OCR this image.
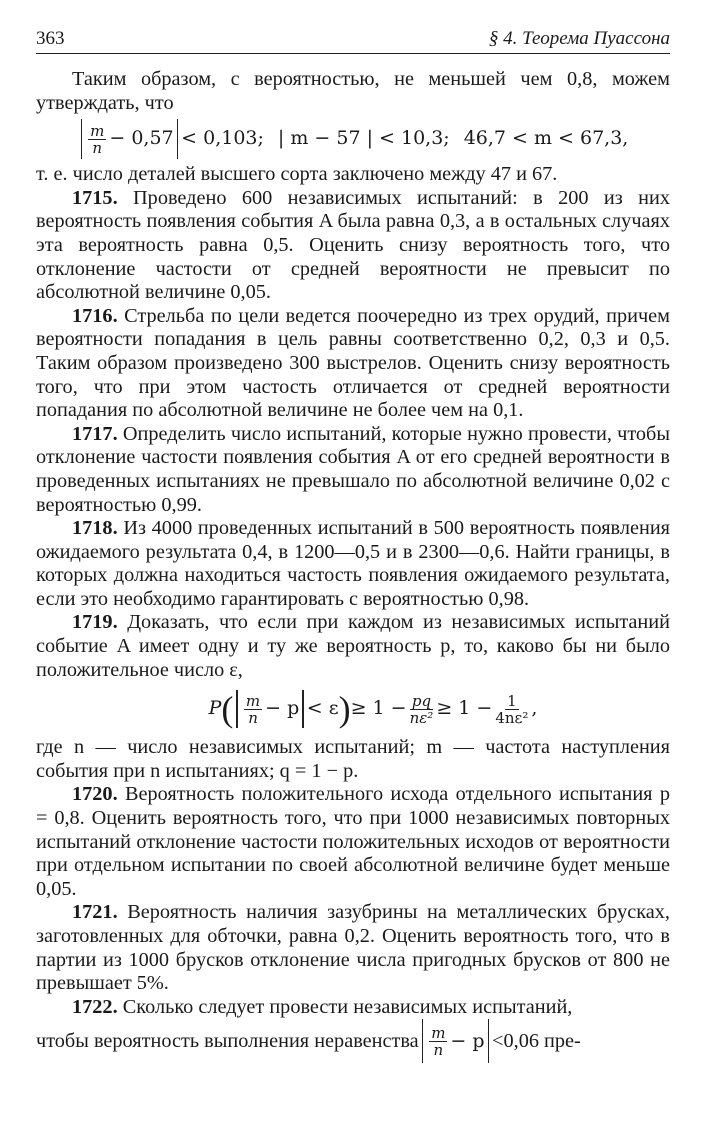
363	§ 4. Теорема Пуассона

Таким образом, с вероятностью, не меньшей чем 0,8, можем утверждать, что

$\frac{m}{n} - 0,57 < 0,103$; | m − 57 | < 10,3; 46,7 < m < 67,3,

т. е. число деталей высшего сорта заключено между 47 и 67.

1715. Проведено 600 независимых испытаний: в 200 из них вероятность появления события A была равна 0,3, а в остальных случаях эта вероятность равна 0,5. Оценить снизу вероятность того, что отклонение частости от средней вероятности не превысит по абсолютной величине 0,05.

1716. Стрельба по цели ведется поочередно из трех орудий, причем вероятности попадания в цель равны соответственно 0,2, 0,3 и 0,5. Таким образом произведено 300 выстрелов. Оценить снизу вероятность того, что при этом частость отличается от средней вероятности попадания по абсолютной величине не более чем на 0,1.

1717. Определить число испытаний, которые нужно провести, чтобы отклонение частости появления события A от его средней вероятности в проведенных испытаниях не превышало по абсолютной величине 0,02 с вероятностью 0,99.

1718. Из 4000 проведенных испытаний в 500 вероятность появления ожидаемого результата 0,4, в 1200—0,5 и в 2300—0,6. Найти границы, в которых должна находиться частость появления ожидаемого результата, если это необходимо гарантировать с вероятностью 0,98.

1719. Доказать, что если при каждом из независимых испытаний событие A имеет одну и ту же вероятность p, то, каково бы ни было положительное число ε,

P ( $\frac{m}{n} - p < \varepsilon$ ) ≥ $1 - \frac{pq}{\text{nε²}} \ge 1 - \frac{1}{\text{4nε²}}$ ,

где n — число независимых испытаний; m — частота наступления события при n испытаниях; q = 1 − p.

1720. Вероятность положительного исхода отдельного испытания p = 0,8. Оценить вероятность того, что при 1000 независимых повторных испытаний отклонение частости положительных исходов от вероятности при отдельном испытании по своей абсолютной величине будет меньше 0,05.

1721. Вероятность наличия зазубрины на металлических брусках, заготовленных для обточки, равна 0,2. Оценить вероятность того, что в партии из 1000 брусков отклонение числа пригодных брусков от 800 не превышает 5%.

1722. Сколько следует провести независимых испытаний,

чтобы вероятность выполнения неравенства $\frac{m}{n} - p <0,06$ пре-
